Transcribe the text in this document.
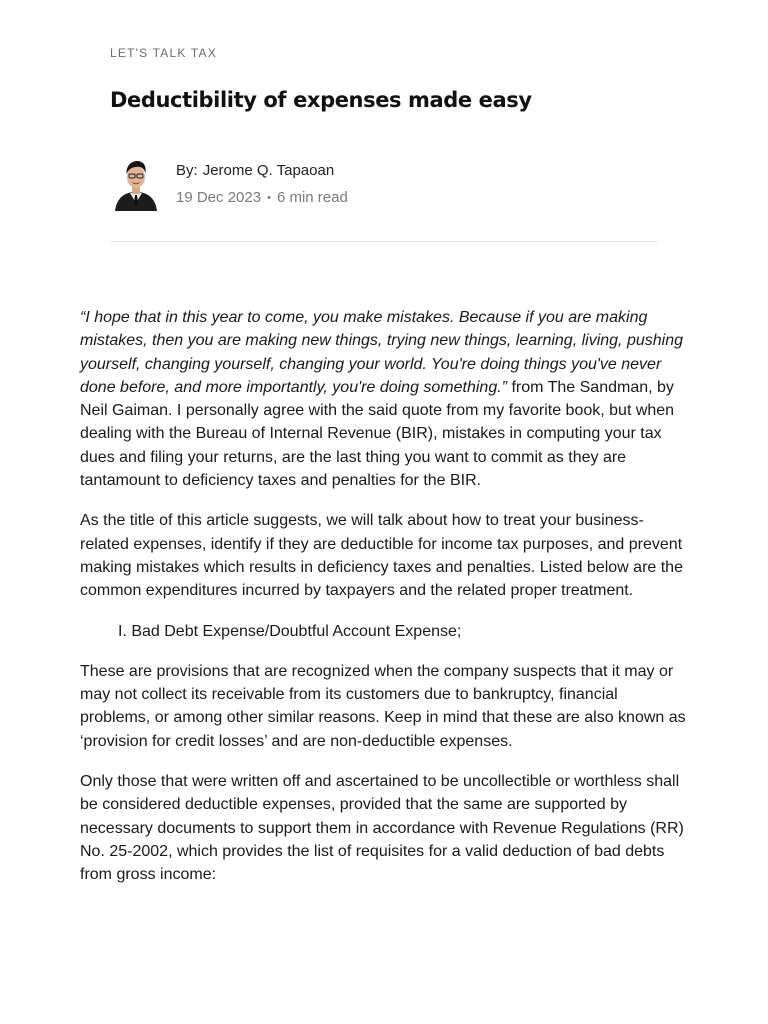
LET'S TALK TAX

Deductibility of expenses made easy
By: Jerome Q. Tapaoan
19 Dec 2023 • 6 min read

“I hope that in this year to come, you make mistakes. Because if you are making mistakes, then you are making new things, trying new things, learning, living, pushing yourself, changing yourself, changing your world. You're doing things you've never done before, and more importantly, you're doing something.” from The Sandman, by Neil Gaiman. I personally agree with the said quote from my favorite book, but when dealing with the Bureau of Internal Revenue (BIR), mistakes in computing your tax dues and filing your returns, are the last thing you want to commit as they are tantamount to deficiency taxes and penalties for the BIR.

As the title of this article suggests, we will talk about how to treat your business-related expenses, identify if they are deductible for income tax purposes, and prevent making mistakes which results in deficiency taxes and penalties. Listed below are the common expenditures incurred by taxpayers and the related proper treatment.

I. Bad Debt Expense/Doubtful Account Expense;

These are provisions that are recognized when the company suspects that it may or may not collect its receivable from its customers due to bankruptcy, financial problems, or among other similar reasons. Keep in mind that these are also known as ‘provision for credit losses’ and are non-deductible expenses.

Only those that were written off and ascertained to be uncollectible or worthless shall be considered deductible expenses, provided that the same are supported by necessary documents to support them in accordance with Revenue Regulations (RR) No. 25-2002, which provides the list of requisites for a valid deduction of bad debts from gross income:
